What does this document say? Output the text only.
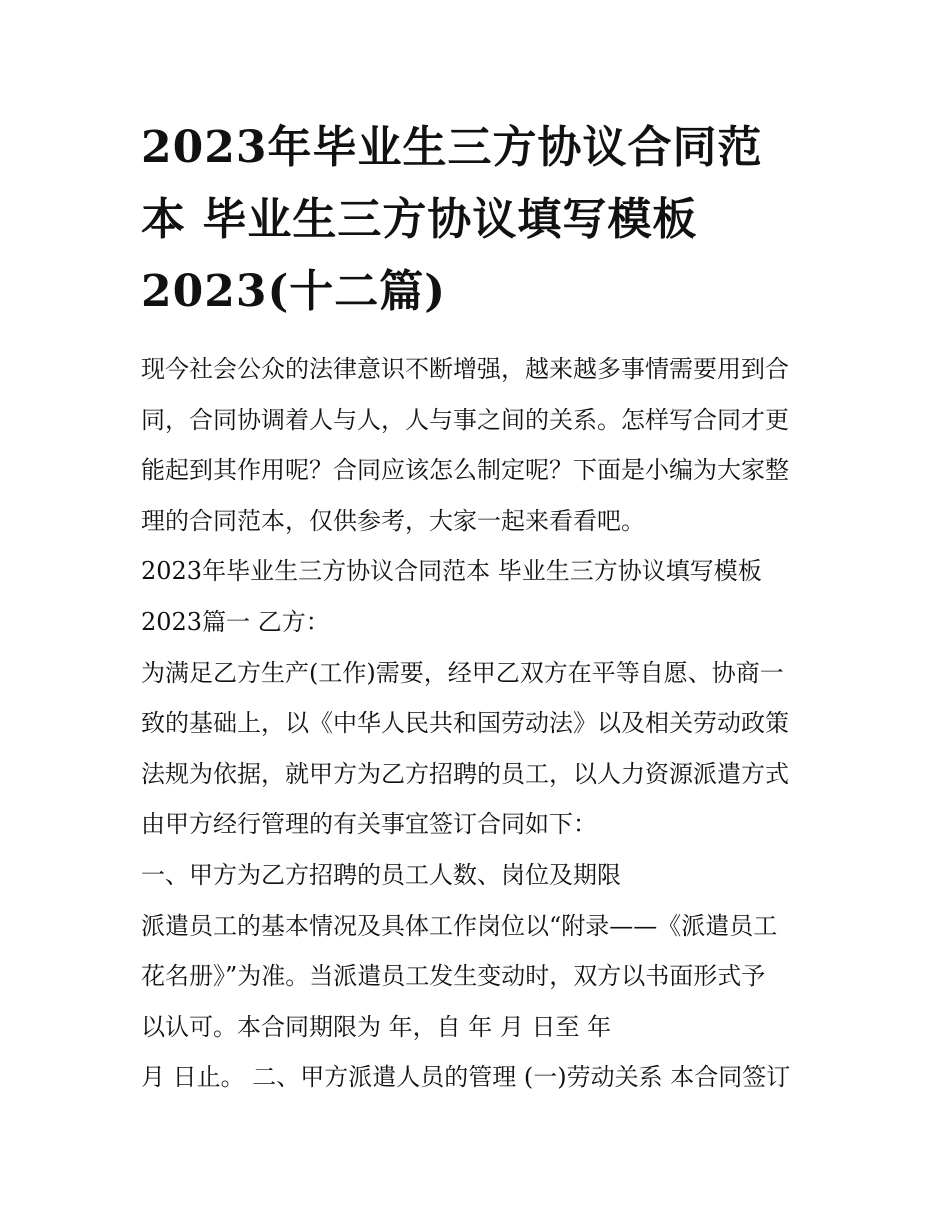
2023年毕业生三方协议合同范
本 毕业生三方协议填写模板
2023(十二篇)
现今社会公众的法律意识不断增强，越来越多事情需要用到合
同，合同协调着人与人，人与事之间的关系。怎样写合同才更
能起到其作用呢？合同应该怎么制定呢？下面是小编为大家整
理的合同范本，仅供参考，大家一起来看看吧。
2023年毕业生三方协议合同范本 毕业生三方协议填写模板
2023篇一 乙方：
为满足乙方生产(工作)需要，经甲乙双方在平等自愿、协商一
致的基础上，以《中华人民共和国劳动法》以及相关劳动政策
法规为依据，就甲方为乙方招聘的员工，以人力资源派遣方式
由甲方经行管理的有关事宜签订合同如下：
一、甲方为乙方招聘的员工人数、岗位及期限
派遣员工的基本情况及具体工作岗位以“附录——《派遣员工
花名册》”为准。当派遣员工发生变动时，双方以书面形式予
以认可。本合同期限为 年，自 年 月 日至 年
月 日止。 二、甲方派遣人员的管理 (一)劳动关系 本合同签订
